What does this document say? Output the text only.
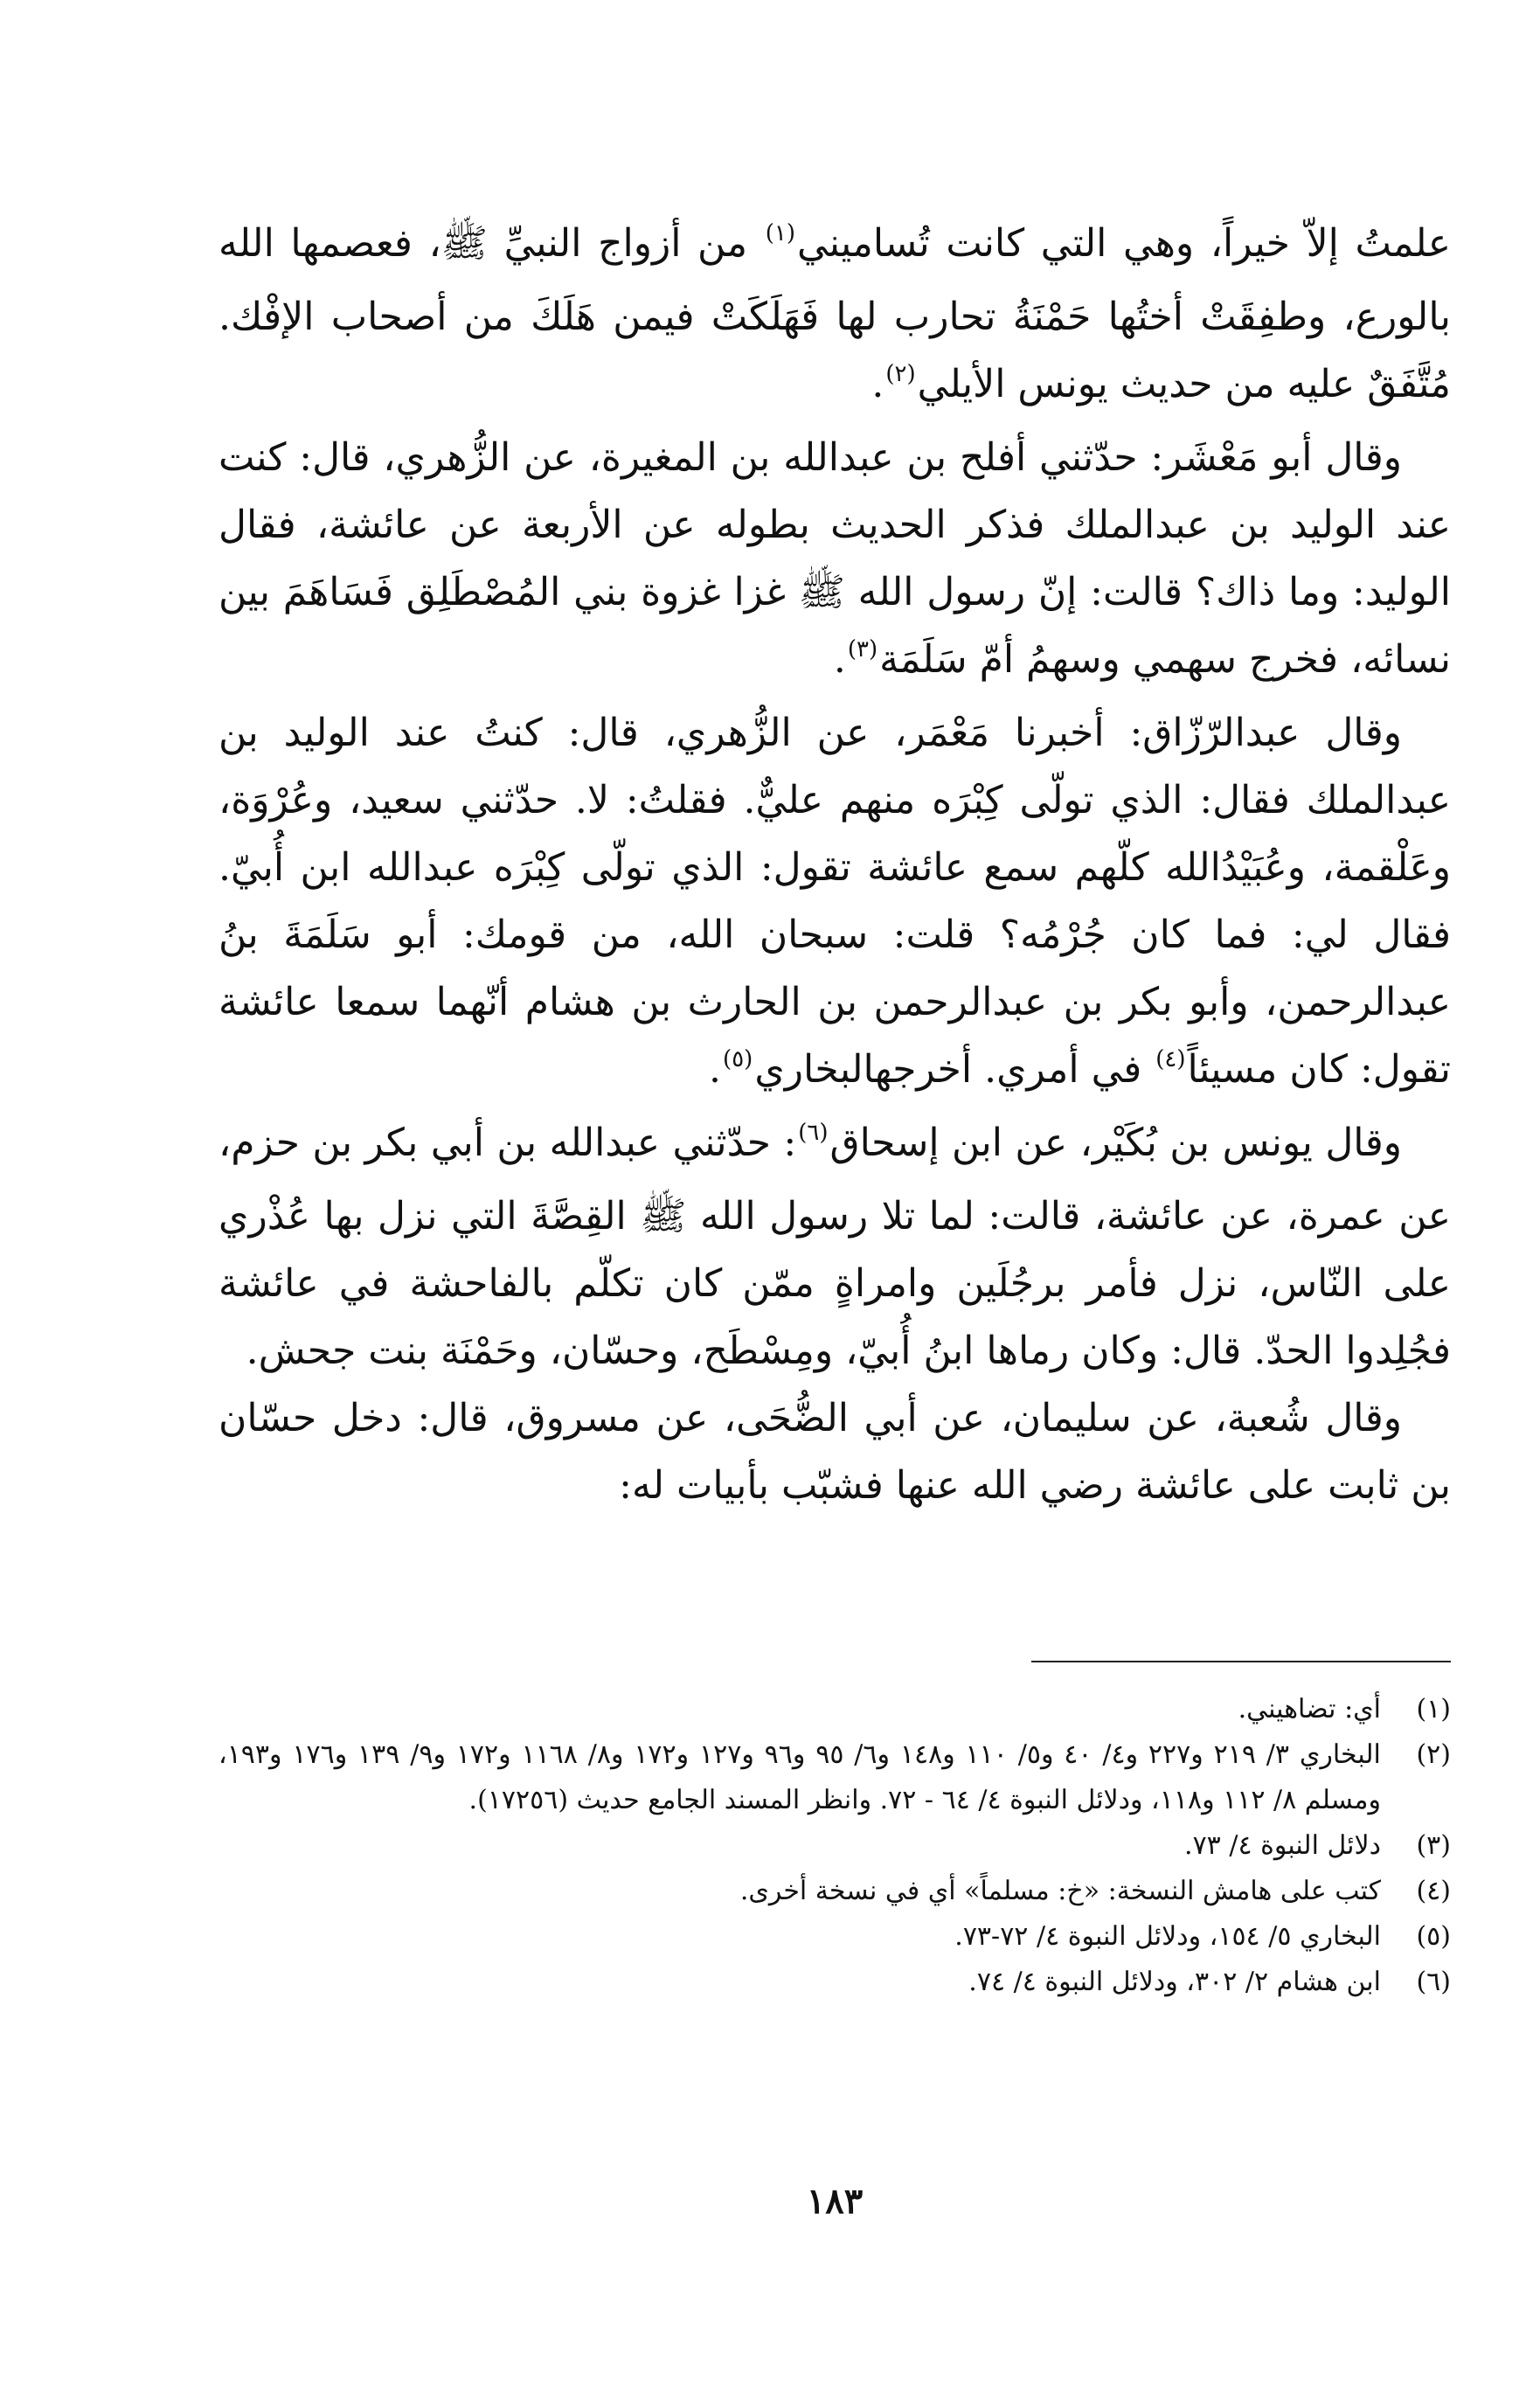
علمتُ إلاّ خيراً، وهي التي كانت تُساميني$^{(١)}$ من أزواج النبيِّ ﷺ، فعصمها الله بالورع، وطفِقَتْ أختُها حَمْنَةُ تحارب لها فَهَلَكَتْ فيمن هَلَكَ من أصحاب الإفْك. مُتَّفَقٌ عليه من حديث يونس الأيلي$^{(٢)}$.

وقال أبو مَعْشَر: حدّثني أفلح بن عبدالله بن المغيرة، عن الزُّهري، قال: كنت عند الوليد بن عبدالملك فذكر الحديث بطوله عن الأربعة عن عائشة، فقال الوليد: وما ذاك؟ قالت: إنّ رسول الله ﷺ غزا غزوة بني المُصْطَلِق فَسَاهَمَ بين نسائه، فخرج سهمي وسهمُ أمّ سَلَمَة$^{(٣)}$.

وقال عبدالرّزّاق: أخبرنا مَعْمَر، عن الزُّهري، قال: كنتُ عند الوليد بن عبدالملك فقال: الذي تولّى كِبْرَه منهم عليٌّ. فقلتُ: لا. حدّثني سعيد، وعُرْوَة، وعَلْقمة، وعُبَيْدُالله كلّهم سمع عائشة تقول: الذي تولّى كِبْرَه عبدالله ابن أُبيّ. فقال لي: فما كان جُرْمُه؟ قلت: سبحان الله، من قومك: أبو سَلَمَةَ بنُ عبدالرحمن، وأبو بكر بن عبدالرحمن بن الحارث بن هشام أنّهما سمعا عائشة تقول: كان مسيئاً$^{(٤)}$ في أمري. أخرجهالبخاري$^{(٥)}$.

وقال يونس بن بُكَيْر، عن ابن إسحاق$^{(٦)}$: حدّثني عبدالله بن أبي بكر بن حزم، عن عمرة، عن عائشة، قالت: لما تلا رسول الله ﷺ القِصَّةَ التي نزل بها عُذْري على النّاس، نزل فأمر برجُلَين وامراةٍ ممّن كان تكلّم بالفاحشة في عائشة فجُلِدوا الحدّ. قال: وكان رماها ابنُ أُبيّ، ومِسْطَح، وحسّان، وحَمْنَة بنت جحش.

وقال شُعبة، عن سليمان، عن أبي الضُّحَى، عن مسروق، قال: دخل حسّان بن ثابت على عائشة رضي الله عنها فشبّب بأبيات له:

(١)
أي: تضاهيني.
(٢)
البخاري ٣/ ٢١٩ و٢٢٧ و٤/ ٤٠ و٥/ ١١٠ و١٤٨ و٦/ ٩٥ و٩٦ و١٢٧ و١٧٢ و٨/ ١١٦٨ و١٧٢ و٩/ ١٣٩ و١٧٦ و١٩٣، ومسلم ٨/ ١١٢ و١١٨، ودلائل النبوة ٤/ ٦٤ - ٧٢. وانظر المسند الجامع حديث (١٧٢٥٦).
(٣)
دلائل النبوة ٤/ ٧٣.
(٤)
كتب على هامش النسخة: «خ: مسلماً» أي في نسخة أخرى.
(٥)
البخاري ٥/ ١٥٤، ودلائل النبوة ٤/ ٧٢-٧٣.
(٦)
ابن هشام ٢/ ٣٠٢، ودلائل النبوة ٤/ ٧٤.
١٨٣
